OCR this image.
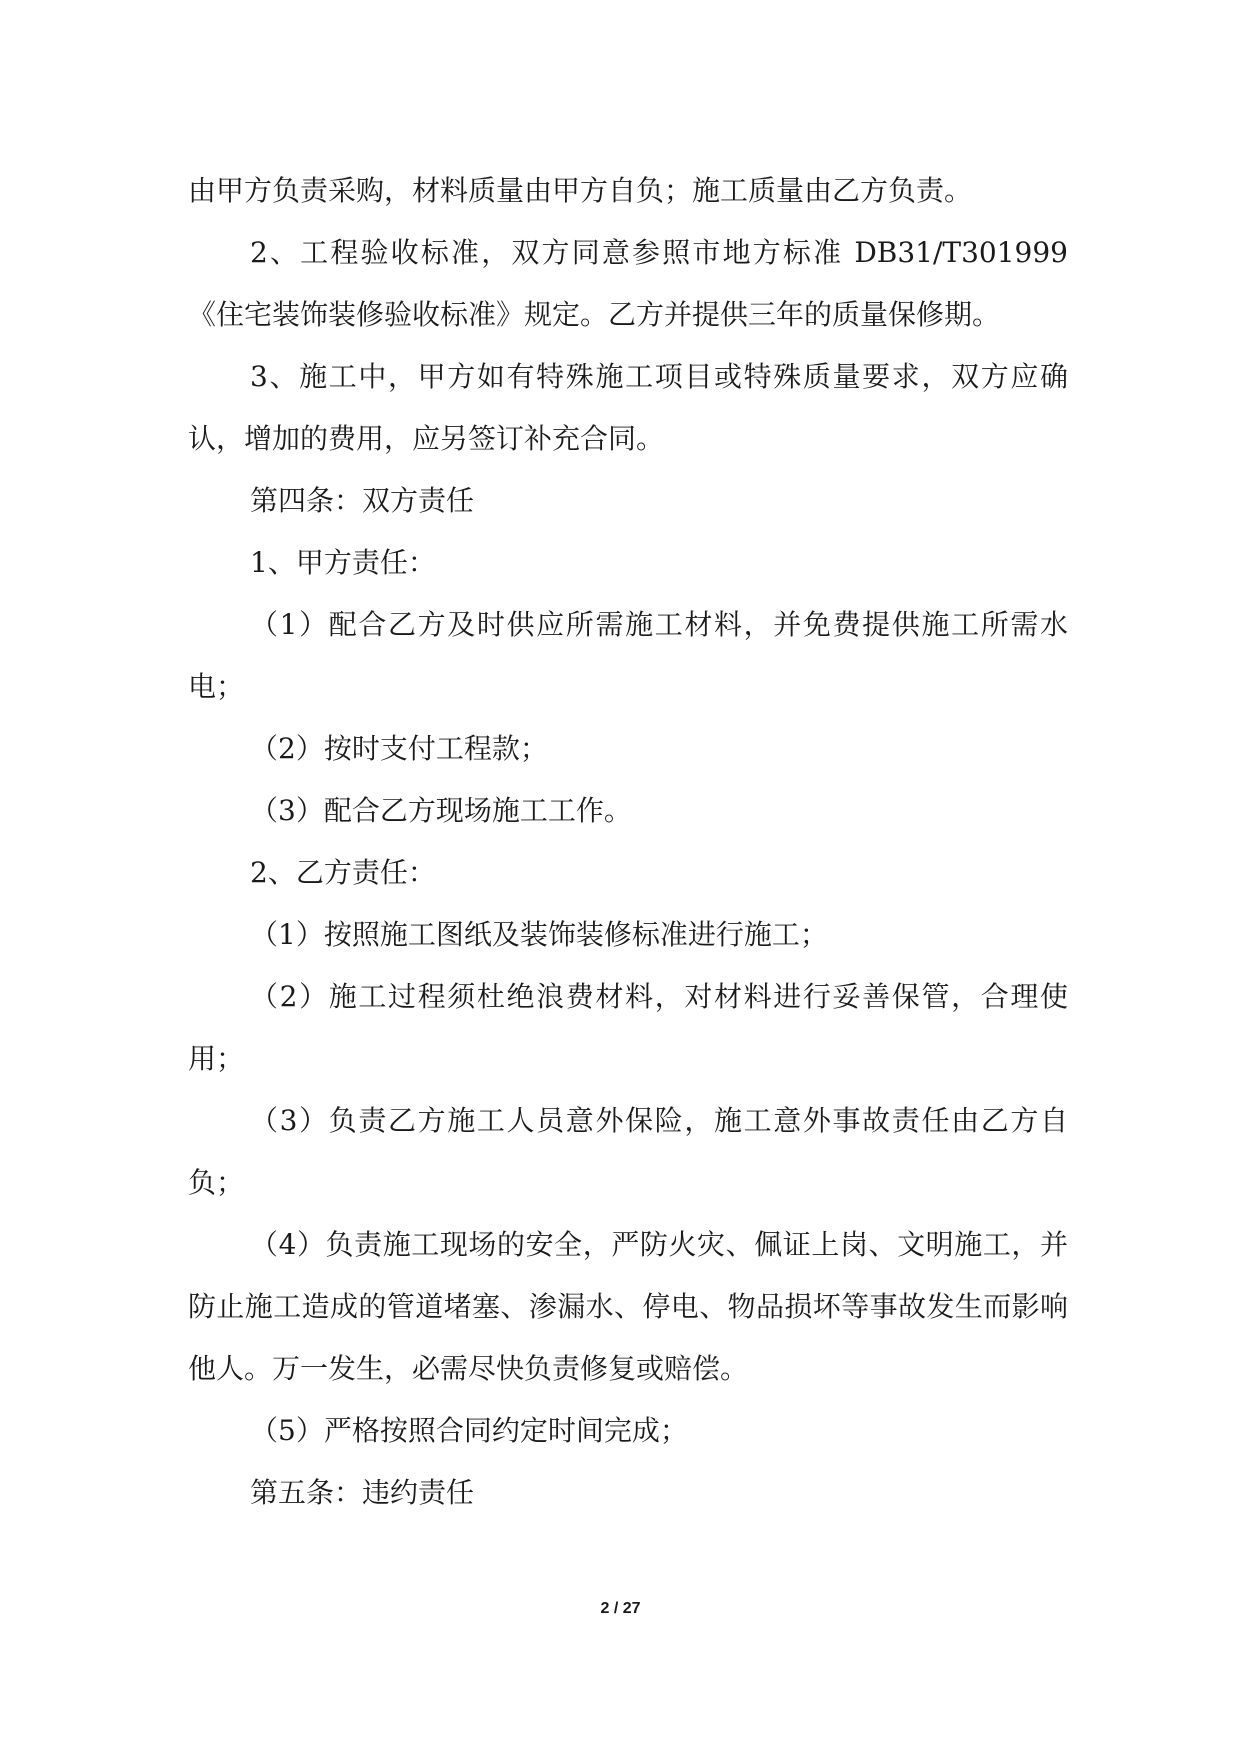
由甲方负责采购，材料质量由甲方自负；施工质量由乙方负责。

2、工程验收标准，双方同意参照市地方标准 DB31/T301999《住宅装饰装修验收标准》规定。乙方并提供三年的质量保修期。

3、施工中，甲方如有特殊施工项目或特殊质量要求，双方应确认，增加的费用，应另签订补充合同。

第四条：双方责任

1、甲方责任：

（1）配合乙方及时供应所需施工材料，并免费提供施工所需水电；

（2）按时支付工程款；

（3）配合乙方现场施工工作。

2、乙方责任：

（1）按照施工图纸及装饰装修标准进行施工；

（2）施工过程须杜绝浪费材料，对材料进行妥善保管，合理使用；

（3）负责乙方施工人员意外保险，施工意外事故责任由乙方自负；

（4）负责施工现场的安全，严防火灾、佩证上岗、文明施工，并防止施工造成的管道堵塞、渗漏水、停电、物品损坏等事故发生而影响他人。万一发生，必需尽快负责修复或赔偿。

（5）严格按照合同约定时间完成；

第五条：违约责任

2 / 27
